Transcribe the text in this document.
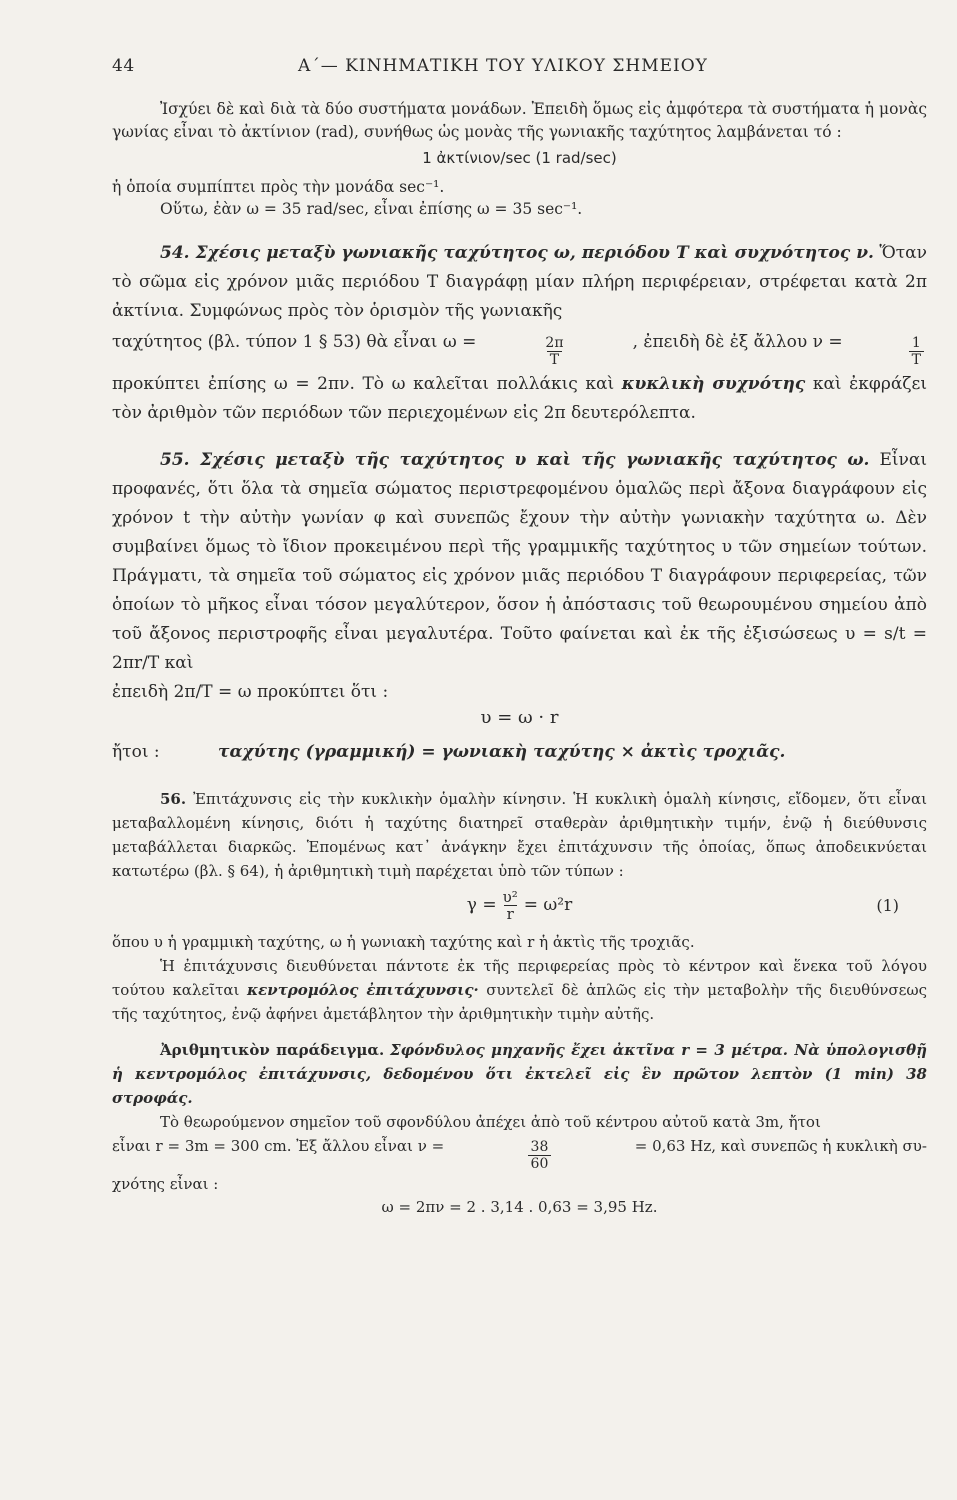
44	Α΄— ΚΙΝΗΜΑΤΙΚΗ ΤΟΥ ΥΛΙΚΟΥ ΣΗΜΕΙΟΥ

Ἰσχύει δὲ καὶ διὰ τὰ δύο συστήματα μονάδων. Ἐπειδὴ ὅμως εἰς ἀμφότερα τὰ συστήματα ἡ μονὰς γωνίας εἶναι τὸ ἀκτίνιον (rad), συνήθως ὡς μονὰς τῆς γωνιακῆς ταχύτητος λαμβάνεται τό :

1 ἀκτίνιον/sec (1 rad/sec)

ἡ ὁποία συμπίπτει πρὸς τὴν μονάδα sec⁻¹.

Οὕτω, ἐὰν ω = 35 rad/sec, εἶναι ἐπίσης ω = 35 sec⁻¹.

54. Σχέσις μεταξὺ γωνιακῆς ταχύτητος ω, περιόδου T καὶ συχνότητος ν. Ὅταν τὸ σῶμα εἰς χρόνον μιᾶς περιόδου T διαγράφῃ μίαν πλήρη περιφέρειαν, στρέφεται κατὰ 2π ἀκτίνια. Συμφώνως πρὸς τὸν ὁρισμὸν τῆς γωνιακῆς

ταχύτητος (βλ. τύπον 1 § 53) θὰ εἶναι ω =	$\frac{2\pi}{T}$	, ἐπειδὴ δὲ ἐξ ἄλλου ν =	$\frac{1}{T}$

προκύπτει ἐπίσης ω = 2πν. Τὸ ω καλεῖται πολλάκις καὶ κυκλικὴ συχνότης καὶ ἐκφράζει τὸν ἀριθμὸν τῶν περιόδων τῶν περιεχομένων εἰς 2π δευτερόλεπτα.

55. Σχέσις μεταξὺ τῆς ταχύτητος υ καὶ τῆς γωνιακῆς ταχύτητος ω. Εἶναι προφανές, ὅτι ὅλα τὰ σημεῖα σώματος περιστρεφομένου ὁμαλῶς περὶ ἄξονα διαγράφουν εἰς χρόνον t τὴν αὐτὴν γωνίαν φ καὶ συνεπῶς ἔχουν τὴν αὐτὴν γωνιακὴν ταχύτητα ω. Δὲν συμβαίνει ὅμως τὸ ἴδιον προκειμένου περὶ τῆς γραμμικῆς ταχύτητος υ τῶν σημείων τούτων. Πράγματι, τὰ σημεῖα τοῦ σώματος εἰς χρόνον μιᾶς περιόδου T διαγράφουν περιφερείας, τῶν ὁποίων τὸ μῆκος εἶναι τόσον μεγαλύτερον, ὅσον ἡ ἀπόστασις τοῦ θεωρουμένου σημείου ἀπὸ τοῦ ἄξονος περιστροφῆς εἶναι μεγαλυτέρα. Τοῦτο φαίνεται καὶ ἐκ τῆς ἐξισώσεως υ = s/t = 2πr/T καὶ

ἐπειδὴ 2π/T = ω προκύπτει ὅτι :

υ = ω · r
ἤτοι :	ταχύτης (γραμμική) = γωνιακὴ ταχύτης × ἀκτὶς τροχιᾶς.

56. Ἐπιτάχυνσις εἰς τὴν κυκλικὴν ὁμαλὴν κίνησιν. Ἡ κυκλικὴ ὁμαλὴ κίνησις, εἴδομεν, ὅτι εἶναι μεταβαλλομένη κίνησις, διότι ἡ ταχύτης διατηρεῖ σταθερὰν ἀριθμητικὴν τιμήν, ἐνῷ ἡ διεύθυνσις μεταβάλλεται διαρκῶς. Ἑπομένως κατ᾽ ἀνάγκην ἔχει ἐπιτάχυνσιν τῆς ὁποίας, ὅπως ἀποδεικνύεται κατωτέρω (βλ. § 64), ἡ ἀριθμητικὴ τιμὴ παρέχεται ὑπὸ τῶν τύπων :

$\gamma = \frac{\text{υ²}}{r} = \omega^2r$	(1)

ὅπου υ ἡ γραμμικὴ ταχύτης, ω ἡ γωνιακὴ ταχύτης καὶ r ἡ ἀκτὶς τῆς τροχιᾶς.

Ἡ ἐπιτάχυνσις διευθύνεται πάντοτε ἐκ τῆς περιφερείας πρὸς τὸ κέντρον καὶ ἕνεκα τοῦ λόγου τούτου καλεῖται κεντρομόλος ἐπιτάχυνσις· συντελεῖ δὲ ἁπλῶς εἰς τὴν μεταβολὴν τῆς διευθύνσεως τῆς ταχύτητος, ἐνῷ ἀφήνει ἀμετάβλητον τὴν ἀριθμητικὴν τιμὴν αὐτῆς.

Ἀριθμητικὸν παράδειγμα. Σφόνδυλος μηχανῆς ἔχει ἀκτῖνα r = 3 μέτρα. Νὰ ὑπολογισθῇ ἡ κεντρομόλος ἐπιτάχυνσις, δεδομένου ὅτι ἐκτελεῖ εἰς ἓν πρῶτον λεπτὸν (1 min) 38 στροφάς.

Τὸ θεωρούμενον σημεῖον τοῦ σφονδύλου ἀπέχει ἀπὸ τοῦ κέντρου αὐτοῦ κατὰ 3m, ἤτοι

εἶναι r = 3m = 300 cm. Ἐξ ἄλλου εἶναι ν =	$\frac{38}{60}$	= 0,63 Hz, καὶ συνεπῶς ἡ κυκλικὴ συ-

χνότης εἶναι :

ω = 2πν = 2 . 3,14 . 0,63 = 3,95 Hz.
